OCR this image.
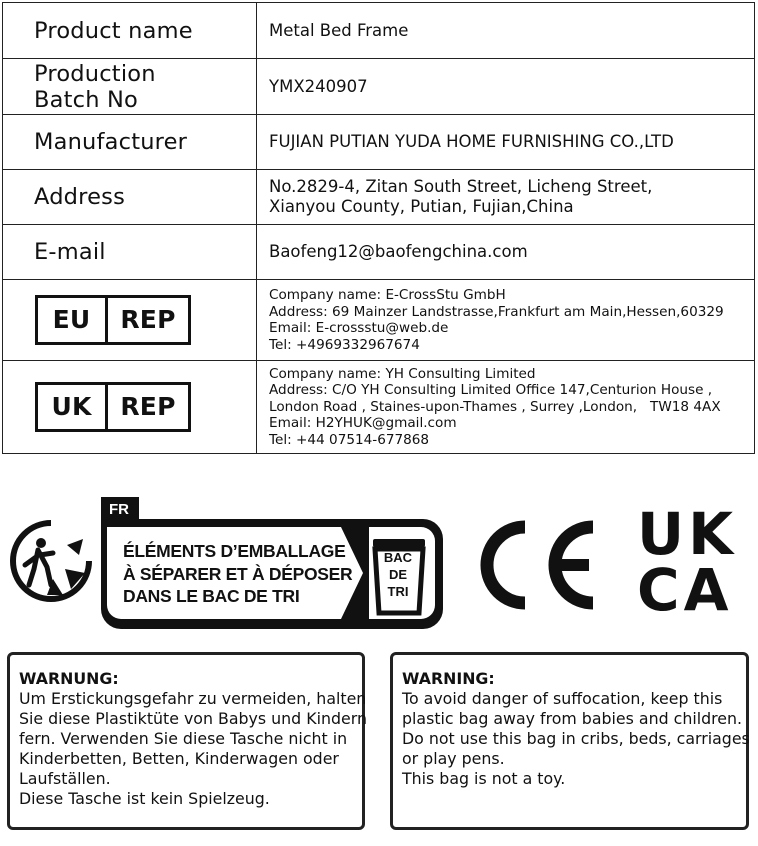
Product name	Metal Bed Frame

Production
Batch No	YMX240907
Manufacturer	FUJIAN PUTIAN YUDA HOME FURNISHING CO.,LTD
Address	No.2829-4, Zitan South Street, Licheng Street,
Xianyou County, Putian, Fujian,China

E-mail	Baofeng12@baofengchina.com

EU REP	Company name: E-CrossStu GmbH
Address: 69 Mainzer Landstrasse,Frankfurt am Main,Hessen,60329
Email: E-crossstu@web.de
Tel: +4969332967674

UK REP	Company name: YH Consulting Limited
Address: C/O YH Consulting Limited Office 147,Centurion House ,
London Road , Staines-upon-Thames , Surrey ,London,   TW18 4AX
Email: H2YHUK@gmail.com
Tel: +44 07514-677868
FR
ÉLÉMENTS D’EMBALLAGE
À SÉPARER ET À DÉPOSER
DANS LE BAC DE TRI
BAC
DE
TRI
UK
CA
WARNUNG:
Um Erstickungsgefahr zu vermeiden, halten
Sie diese Plastiktüte von Babys und Kindern
fern. Verwenden Sie diese Tasche nicht in
Kinderbetten, Betten, Kinderwagen oder
Laufställen.
Diese Tasche ist kein Spielzeug.
WARNING:
To avoid danger of suffocation, keep this
plastic bag away from babies and children.
Do not use this bag in cribs, beds, carriages
or play pens.
This bag is not a toy.
